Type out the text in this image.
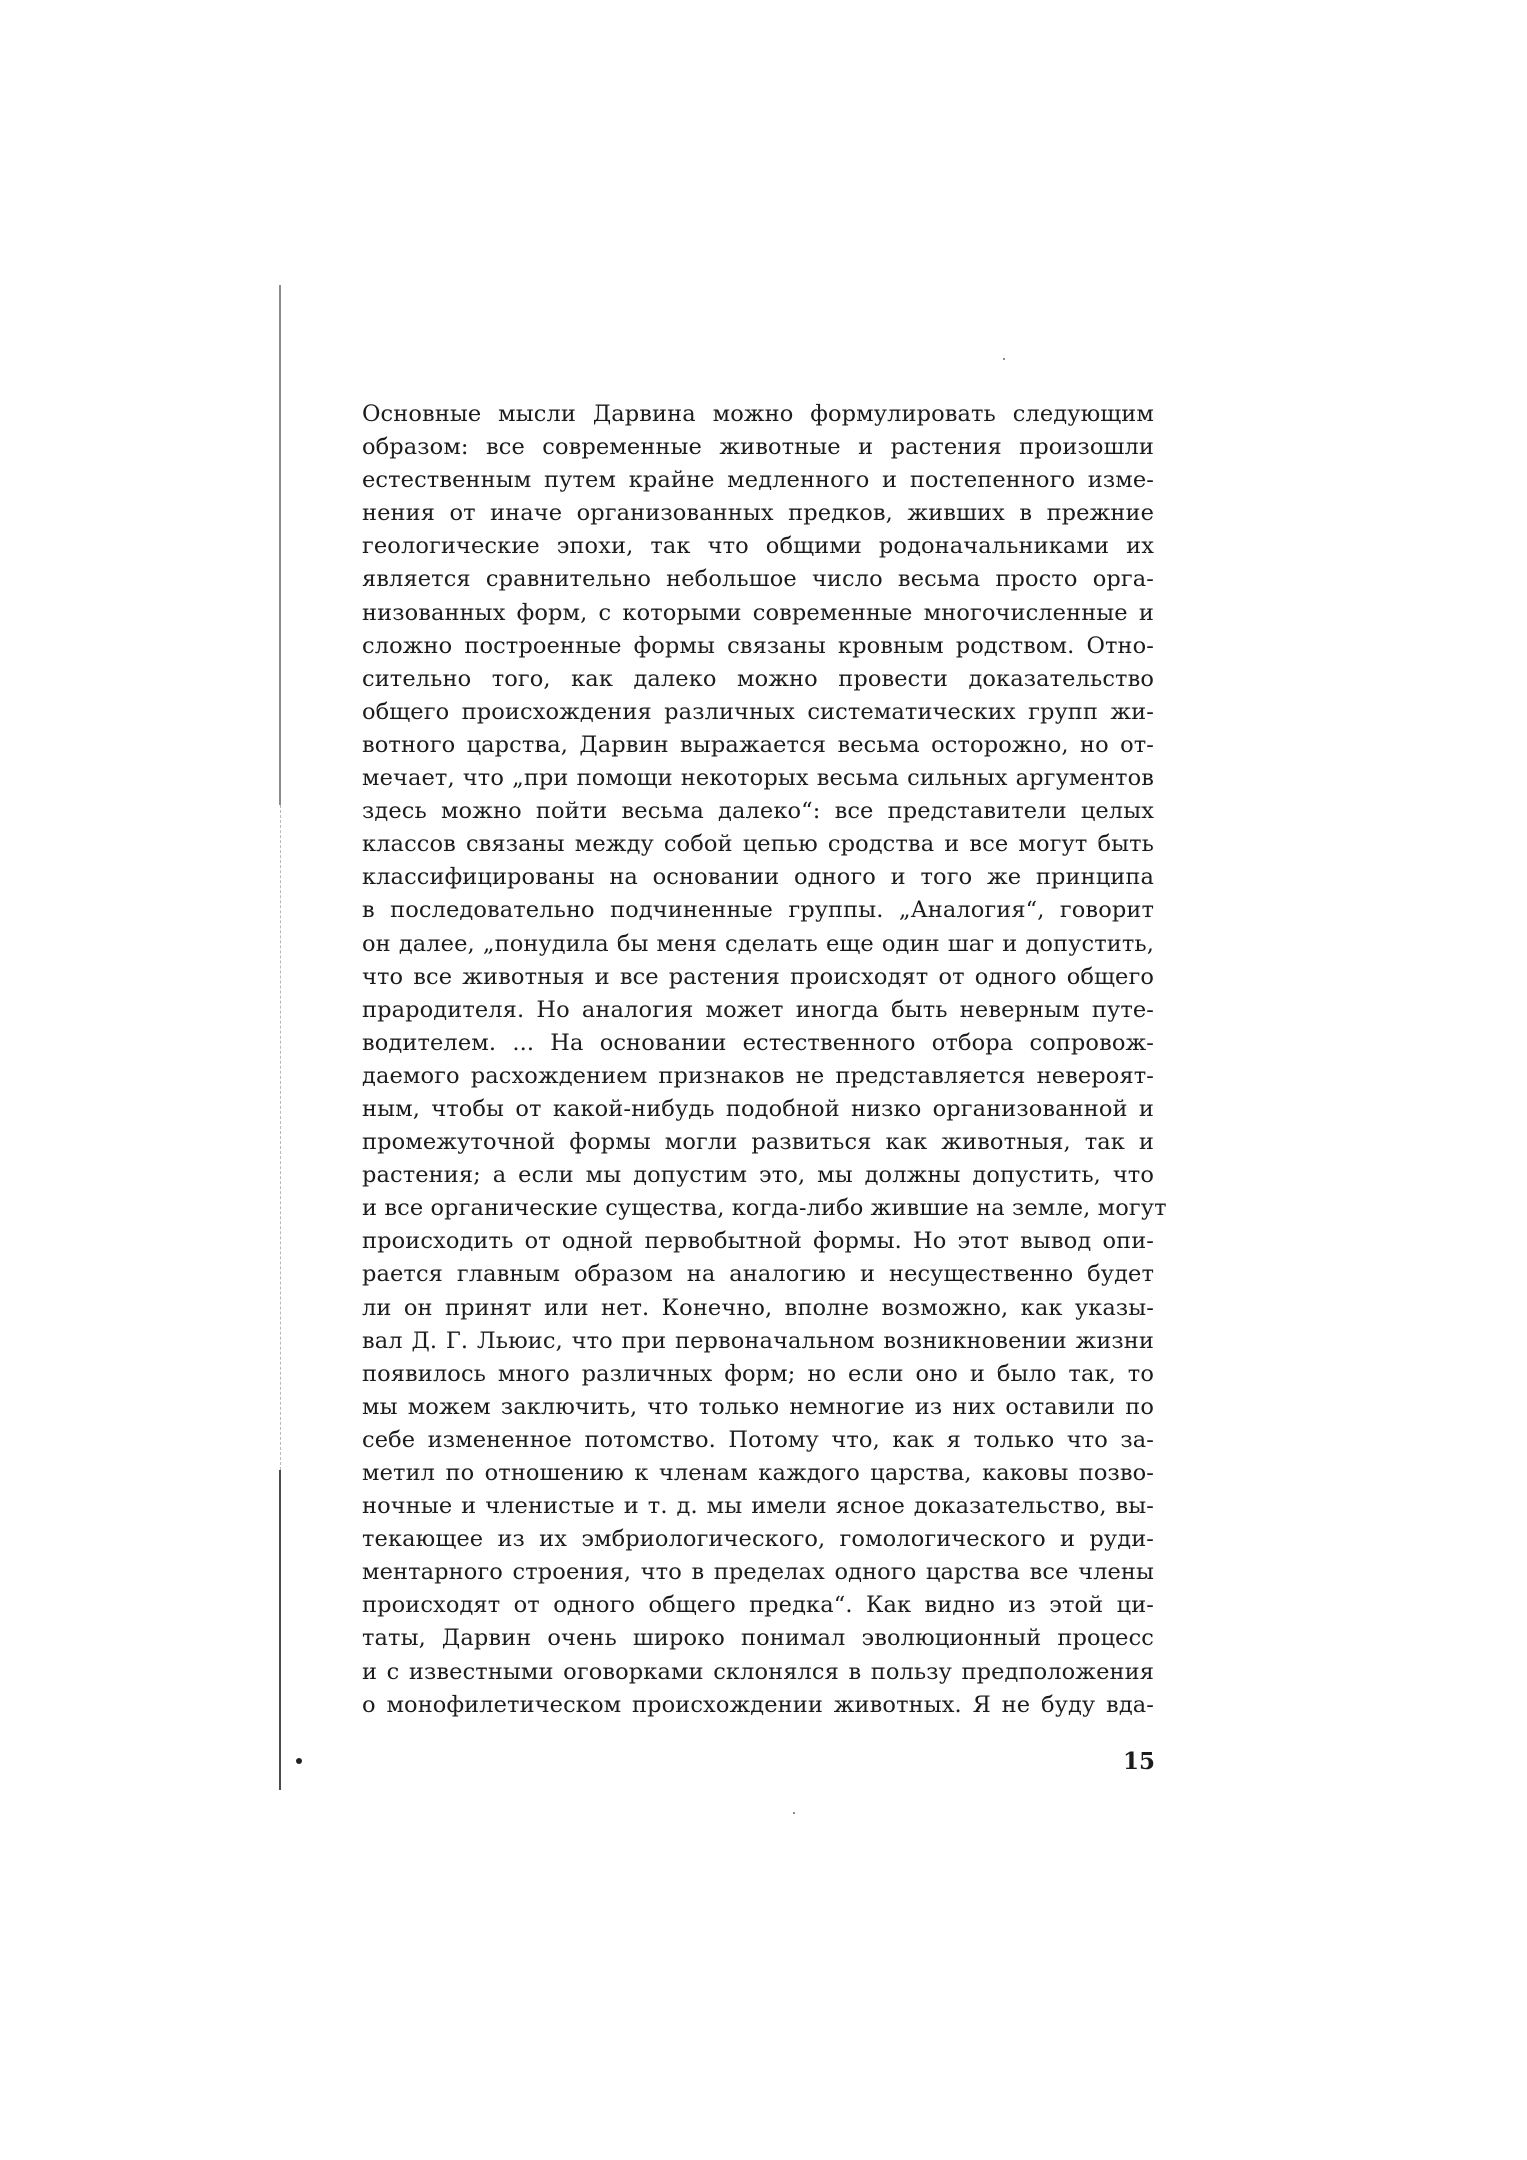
Основные мысли Дарвина можно формулировать следующим
образом: все современные животные и растения произошли
естественным путем крайне медленного и постепенного изме-
нения от иначе организованных предков, живших в прежние
геологические эпохи, так что общими родоначальниками их
является сравнительно небольшое число весьма просто орга-
низованных форм, с которыми современные многочисленные и
сложно построенные формы связаны кровным родством. Отно-
сительно того, как далеко можно провести доказательство
общего происхождения различных систематических групп жи-
вотного царства, Дарвин выражается весьма осторожно, но от-
мечает, что „при помощи некоторых весьма сильных аргументов
здесь можно пойти весьма далеко“: все представители целых
классов связаны между собой цепью сродства и все могут быть
классифицированы на основании одного и того же принципа
в последовательно подчиненные группы. „Аналогия“, говорит
он далее, „понудила бы меня сделать еще один шаг и допустить,
что все животныя и все растения происходят от одного общего
прародителя. Но аналогия может иногда быть неверным путе-
водителем. ... На основании естественного отбора сопровож-
даемого расхождением признаков не представляется невероят-
ным, чтобы от какой-нибудь подобной низко организованной и
промежуточной формы могли развиться как животныя, так и
растения; а если мы допустим это, мы должны допустить, что
и все органические существа, когда-либо жившие на земле, могут
происходить от одной первобытной формы. Но этот вывод опи-
рается главным образом на аналогию и несущественно будет
ли он принят или нет. Конечно, вполне возможно, как указы-
вал Д. Г. Льюис, что при первоначальном возникновении жизни
появилось много различных форм; но если оно и было так, то
мы можем заключить, что только немногие из них оставили по
себе измененное потомство. Потому что, как я только что за-
метил по отношению к членам каждого царства, каковы позво-
ночные и членистые и т. д. мы имели ясное доказательство, вы-
текающее из их эмбриологического, гомологического и руди-
ментарного строения, что в пределах одного царства все члены
происходят от одного общего предка“. Как видно из этой ци-
таты, Дарвин очень широко понимал эволюционный процесс
и с известными оговорками склонялся в пользу предположения
о монофилетическом происхождении животных. Я не буду вда-
15
